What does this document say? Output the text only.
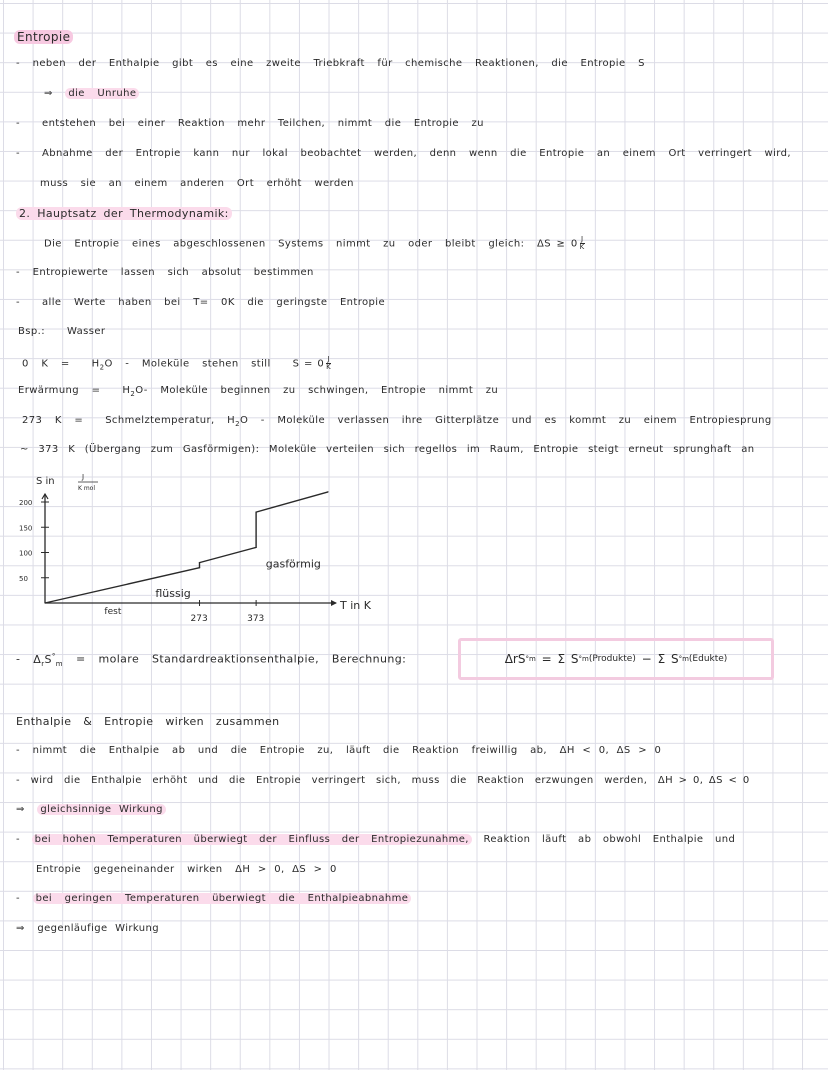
Entropie
- neben der Enthalpie gibt es eine zweite Triebkraft für chemische Reaktionen, die Entropie S
⇒ die Unruhe
- entstehen bei einer Reaktion mehr Teilchen, nimmt die Entropie zu
- Abnahme der Entropie kann nur lokal beobachtet werden, denn wenn die Entropie an einem Ort verringert wird,
muss sie an einem anderen Ort erhöht werden
2. Hauptsatz der Thermodynamik:
Die Entropie eines abgeschlossenen Systems nimmt zu oder bleibt gleich: $\Delta S \ge 0 \frac{J}{K}$
- Entropiewerte lassen sich absolut bestimmen
- alle Werte haben bei T= 0K die geringste Entropie
Bsp.: Wasser
0 $K = H_2O$ - Moleküle stehen still $S = 0 \frac{J}{K}$
Erwärmung = $H_2O-$ Moleküle beginnen zu schwingen, Entropie nimmt zu
273 K = Schmelztemperatur, $H_2O$ - Moleküle verlassen ihre Gitterplätze und es kommt zu einem Entropiesprung
~ 373 K (Übergang zum Gasförmigen): Moleküle verteilen sich regellos im Raum, Entropie steigt erneut sprunghaft an
S in	J
K mol
200
150
100
50
273	373
fest
flüssig
gasförmig
T in K
- $\Delta_rS^\circ_m$ = molare Standardreaktionsenthalpie, Berechnung:	ΔrS ° m
=
Σ S ° m (Produkte)
−
Σ S ° m (Edukte)
Enthalpie & Entropie wirken zusammen
- nimmt die Enthalpie ab und die Entropie zu, läuft die Reaktion freiwillig ab, ΔH < 0, ΔS > 0
- wird die Enthalpie erhöht und die Entropie verringert sich, muss die Reaktion erzwungen werden, ΔH > 0, ΔS < 0
⇒ gleichsinnige Wirkung
- bei hohen Temperaturen überwiegt der Einfluss der Entropiezunahme, Reaktion läuft ab obwohl Enthalpie und
Entropie gegeneinander wirken ΔH > 0, ΔS > 0
- bei geringen Temperaturen überwiegt die Enthalpieabnahme
⇒ gegenläufige Wirkung
